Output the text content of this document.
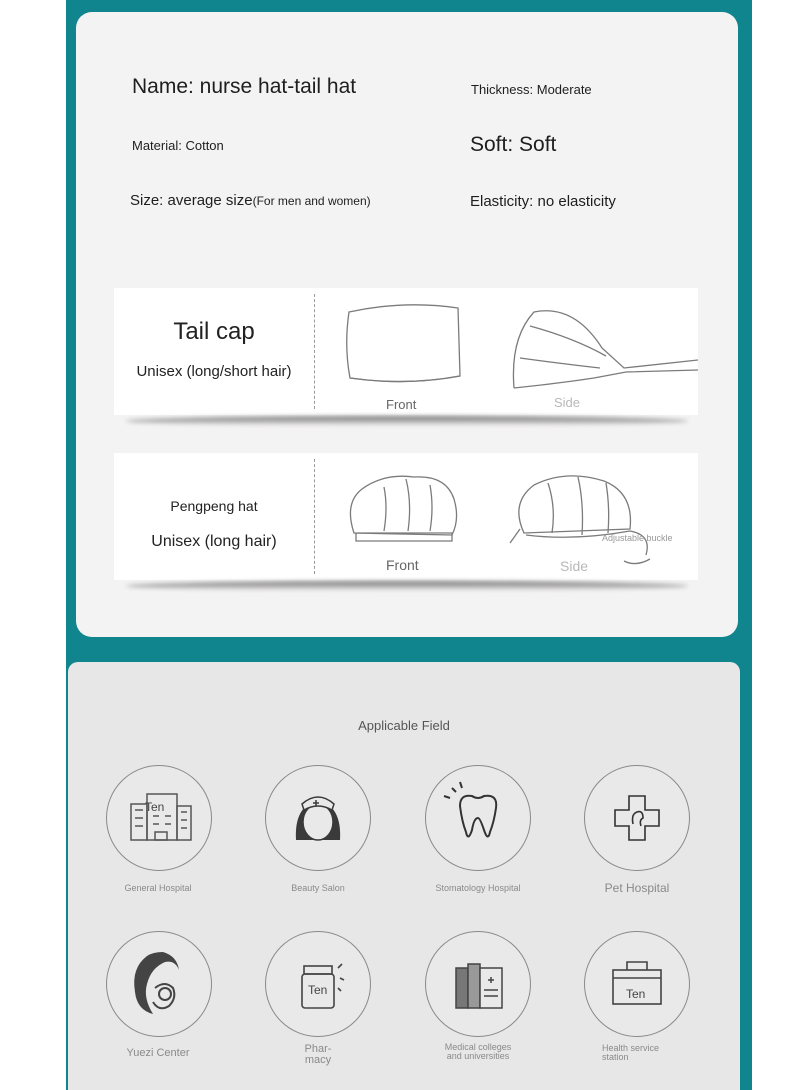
Name: nurse hat-tail hat	Thickness: Moderate
Material: Cotton	Soft: Soft
Size: average size(For men and women)	Elasticity: no elasticity
Tail cap
Unisex (long/short hair)
Front	Side
Pengpeng hat
Unisex (long hair)	Adjustable buckle
Front	Side
Applicable Field
Ten
General Hospital	Beauty Salon	Stomatology Hospital	Pet Hospital
Ten	Ten
Yuezi Center	Phar-
macy
Medical colleges
and universities
Health service
station
